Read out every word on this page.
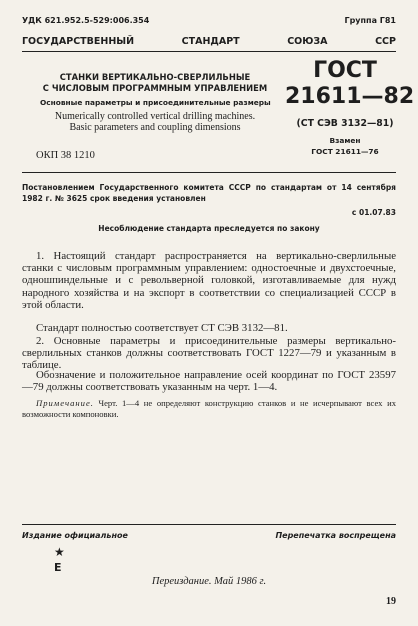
УДК 621.952.5-529:006.354	Группа Г81
ГОСУДАРСТВЕННЫЙ	СТАНДАРТ	СОЮЗА	ССР
СТАНКИ ВЕРТИКАЛЬНО-СВЕРЛИЛЬНЫЕ
С ЧИСЛОВЫМ ПРОГРАММНЫМ УПРАВЛЕНИЕМ
Основные параметры и присоединительные размеры
Numerically controlled vertical drilling machines.
Basic parameters and coupling dimensions
ГОСТ
21611—82
(СТ СЭВ 3132—81)
Взамен
ГОСТ 21611—76
ОКП 38 1210
Постановлением Государственного комитета СССР по стандартам от 14 сентября 1982 г. № 3625 срок введения установлен
с 01.07.83
Несоблюдение стандарта преследуется по закону
1. Настоящий стандарт распространяется на вертикально-сверлильные станки с числовым программным управлением: одностоечные и двухстоечные, одношпиндельные и с револьверной головкой, изготавливаемые для нужд народного хозяйства и на экспорт в соответствии со специализацией СССР в этой области.
Стандарт полностью соответствует СТ СЭВ 3132—81.
2. Основные параметры и присоединительные размеры вертикально-сверлильных станков должны соответствовать ГОСТ 1227—79 и указанным в таблице.
Обозначение и положительное направление осей координат по ГОСТ 23597—79 должны соответствовать указанным на черт. 1—4.
Примечание. Черт. 1—4 не определяют конструкцию станков и не исчерпывают всех их возможности компоновки.
Издание официальное	Перепечатка воспрещена
★
Е
Переиздание. Май 1986 г.
19
